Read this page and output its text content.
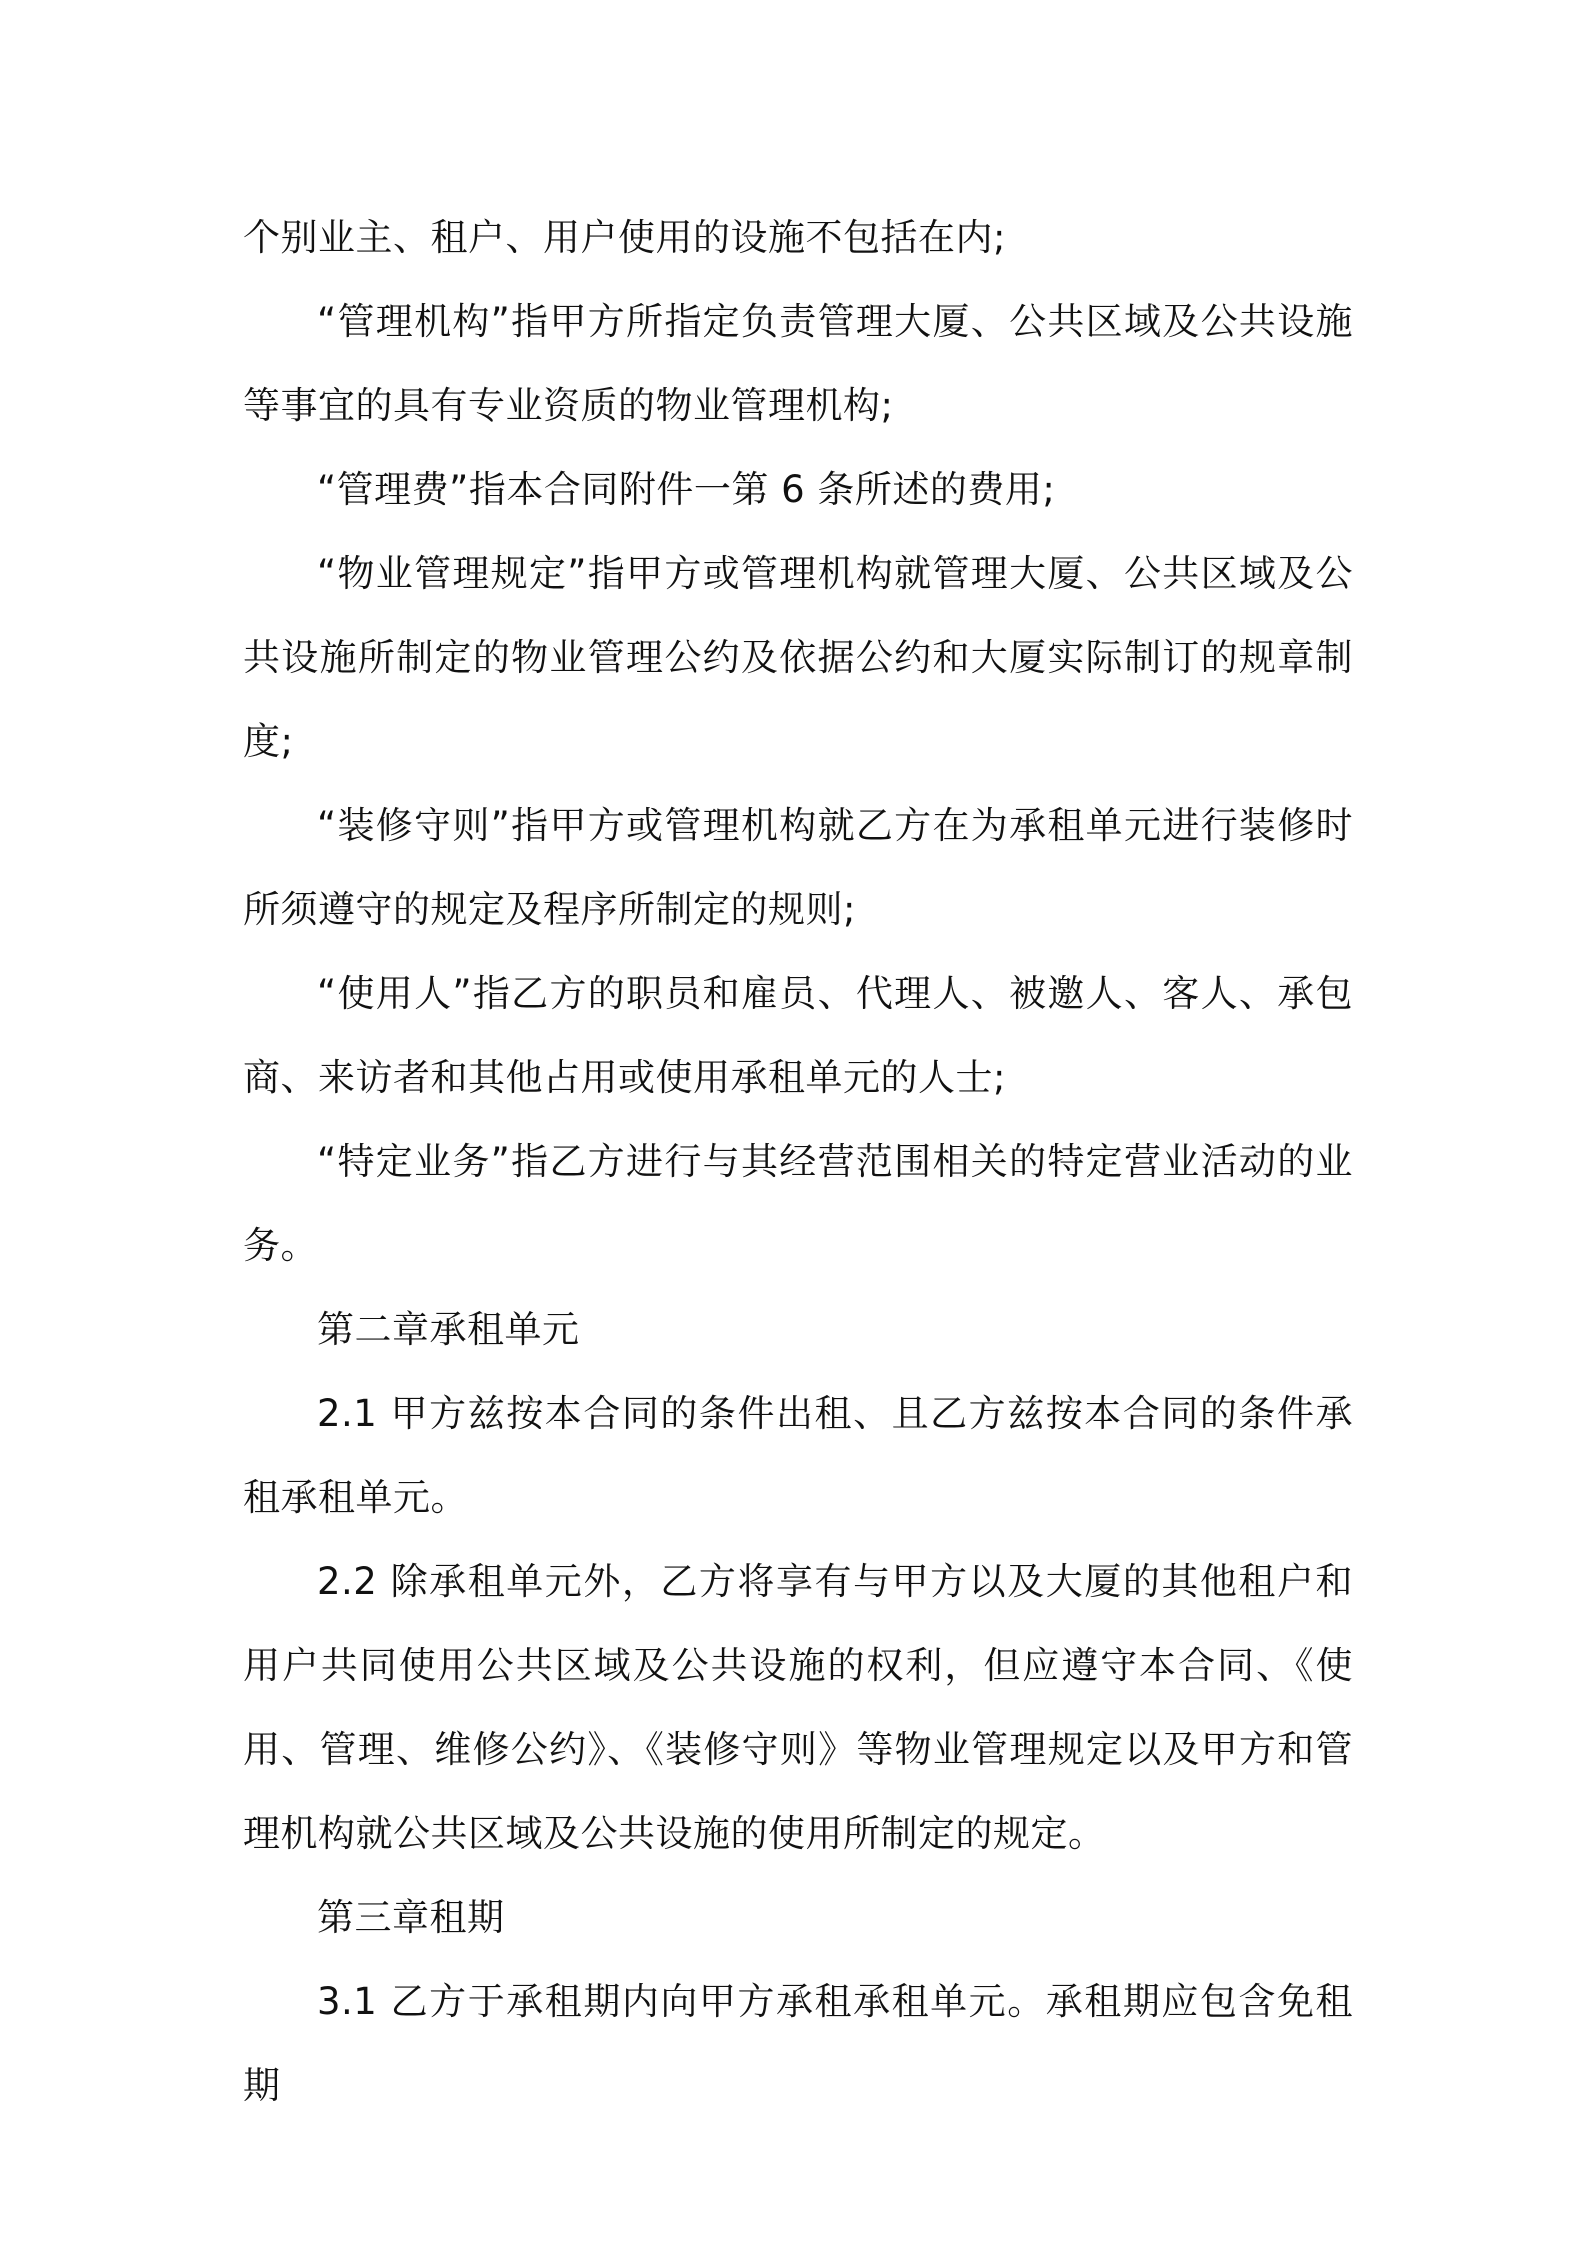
个别业主、租户、用户使用的设施不包括在内;

“管理机构”指甲方所指定负责管理大厦、公共区域及公共设施等事宜的具有专业资质的物业管理机构;

“管理费”指本合同附件一第 6 条所述的费用;

“物业管理规定”指甲方或管理机构就管理大厦、公共区域及公共设施所制定的物业管理公约及依据公约和大厦实际制订的规章制度;

“装修守则”指甲方或管理机构就乙方在为承租单元进行装修时所须遵守的规定及程序所制定的规则;

“使用人”指乙方的职员和雇员、代理人、被邀人、客人、承包商、来访者和其他占用或使用承租单元的人士;

“特定业务”指乙方进行与其经营范围相关的特定营业活动的业务。

第二章承租单元

2.1 甲方兹按本合同的条件出租、且乙方兹按本合同的条件承租承租单元。

2.2 除承租单元外，乙方将享有与甲方以及大厦的其他租户和用户共同使用公共区域及公共设施的权利，但应遵守本合同、《使用、管理、维修公约》、《装修守则》等物业管理规定以及甲方和管理机构就公共区域及公共设施的使用所制定的规定。

第三章租期

3.1 乙方于承租期内向甲方承租承租单元。承租期应包含免租期
